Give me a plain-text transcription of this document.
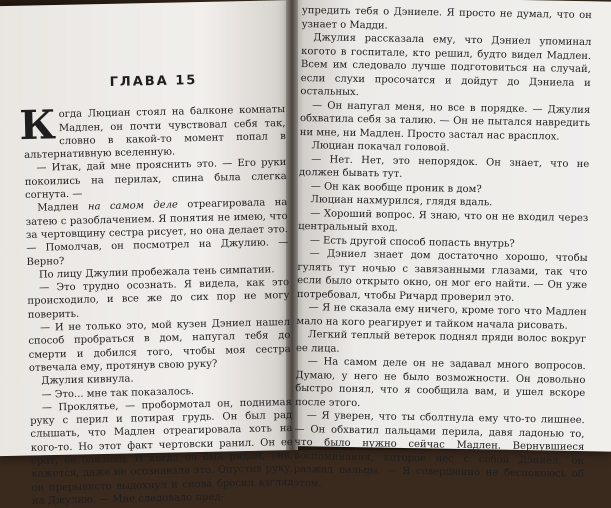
ГЛАВА 15

Когда Люциан стоял на балконе комнаты Мадлен, он почти чувствовал себя так, словно в какой-то момент попал в альтернативную вселенную.

— Итак, дай мне прояснить это. — Его руки покоились на перилах, спина была слегка согнута. —

Мадлен на самом деле отреагировала на затею с разоблачением. Я понятия не имею, что за чертовщину сестра рисует, но она делает это. — Помолчав, он посмотрел на Джулию. — Верно?

По лицу Джулии пробежала тень симпатии.

— Это трудно осознать. Я видела, как это происходило, и все же до сих пор не могу поверить.

— И не только это, мой кузен Дэниел нашел способ пробраться в дом, напугал тебя до смерти и добился того, чтобы моя сестра отвечала ему, протянув свою руку?

Джулия кивнула.

— Это... мне так показалось.

— Проклятье, — пробормотал он, поднимая руку с перил и потирая грудь. Он был рад слышать, что Мадлен отреагировала хоть на кого-то. Но этот факт чертовски ранил. Он ее брат, ее близнец. И когда он был рядом, она, кажется, даже не осознавала это. Опустив руку, он прерывисто выдохнул и снова бросил взгляд на Джулию. — Мне следовало пред-

упредить тебя о Дэниеле. Я просто не думал, что он узнает о Мадди.

Джулия рассказала ему, что Дэниел упоминал когото в госпитале, кто решил, будто видел Мадлен. Всем им следовало лучше подготовиться на случай, если слухи просочатся и дойдут до Дэниела и остальных.

— Он напугал меня, но все в порядке. — Джулия обхватила себя за талию. — Он не пытался навредить ни мне, ни Мадлен. Просто застал нас врасплох.

Люциан покачал головой.

— Нет. Нет, это непорядок. Он знает, что не должен бывать тут.

— Он как вообще проник в дом?

Люциан нахмурился, глядя вдаль.

— Хороший вопрос. Я знаю, что он не входил через центральный вход.

— Есть другой способ попасть внутрь?

— Дэниел знает дом достаточно хорошо, чтобы гулять тут ночью с завязанными глазами, так что если было открыто окно, он мог его найти. — Он уже потребовал, чтобы Ричард проверил это.

— Я не сказала ему ничего, кроме того что Мадлен мало на кого реагирует и тайком начала рисовать.

Легкий теплый ветерок поднял пряди волос вокруг ее лица.

— На самом деле он не задавал много вопросов. Думаю, у него не было возможности. Он довольно быстро понял, что я сообщила вам, и ушел вскоре после этого.

— Я уверен, что ты сболтнула ему что-то лишнее. — Он обхватил пальцами перила, давя ладонью то, что было нужно сейчас Мадлен. Вернувшиеся воспоминания, которое нес с собой Дэниел, он разжал пальцы. — Я совершенно не беспокоюсь об этом.
